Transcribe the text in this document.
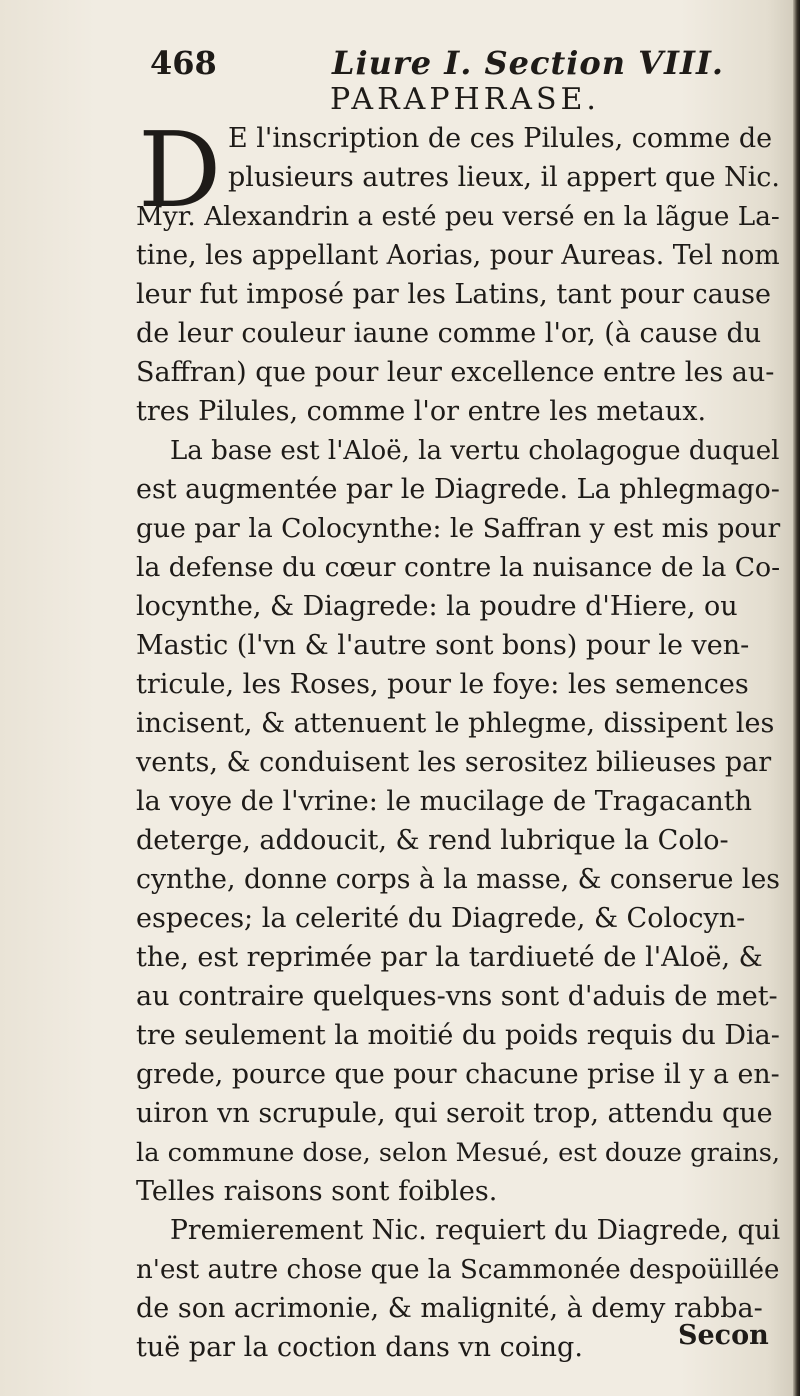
468	Liure I. Section VIII.
PARAPHRASE.
D E l'inscription de ces Pilules, comme de
plusieurs autres lieux, il appert que Nic.
Myr. Alexandrin a esté peu versé en la lãgue La-
tine, les appellant Aorias, pour Aureas. Tel nom
leur fut imposé par les Latins, tant pour cause
de leur couleur iaune comme l'or, (à cause du
Saffran) que pour leur excellence entre les au-
tres Pilules, comme l'or entre les metaux.
La base est l'Aloë, la vertu cholagogue duquel
est augmentée par le Diagrede. La phlegmago-
gue par la Colocynthe: le Saffran y est mis pour
la defense du cœur contre la nuisance de la Co-
locynthe, & Diagrede: la poudre d'Hiere, ou
Mastic (l'vn & l'autre sont bons) pour le ven-
tricule, les Roses, pour le foye: les semences
incisent, & attenuent le phlegme, dissipent les
vents, & conduisent les serositez bilieuses par
la voye de l'vrine: le mucilage de Tragacanth
deterge, addoucit, & rend lubrique la Colo-
cynthe, donne corps à la masse, & conserue les
especes; la celerité du Diagrede, & Colocyn-
the, est reprimée par la tardiueté de l'Aloë, &
au contraire quelques-vns sont d'aduis de met-
tre seulement la moitié du poids requis du Dia-
grede, pource que pour chacune prise il y a en-
uiron vn scrupule, qui seroit trop, attendu que
la commune dose, selon Mesué, est douze grains,
Telles raisons sont foibles.
Premierement Nic. requiert du Diagrede, qui
n'est autre chose que la Scammonée despoüillée
de son acrimonie, & malignité, à demy rabba-
tuë par la coction dans vn coing.	Secon
